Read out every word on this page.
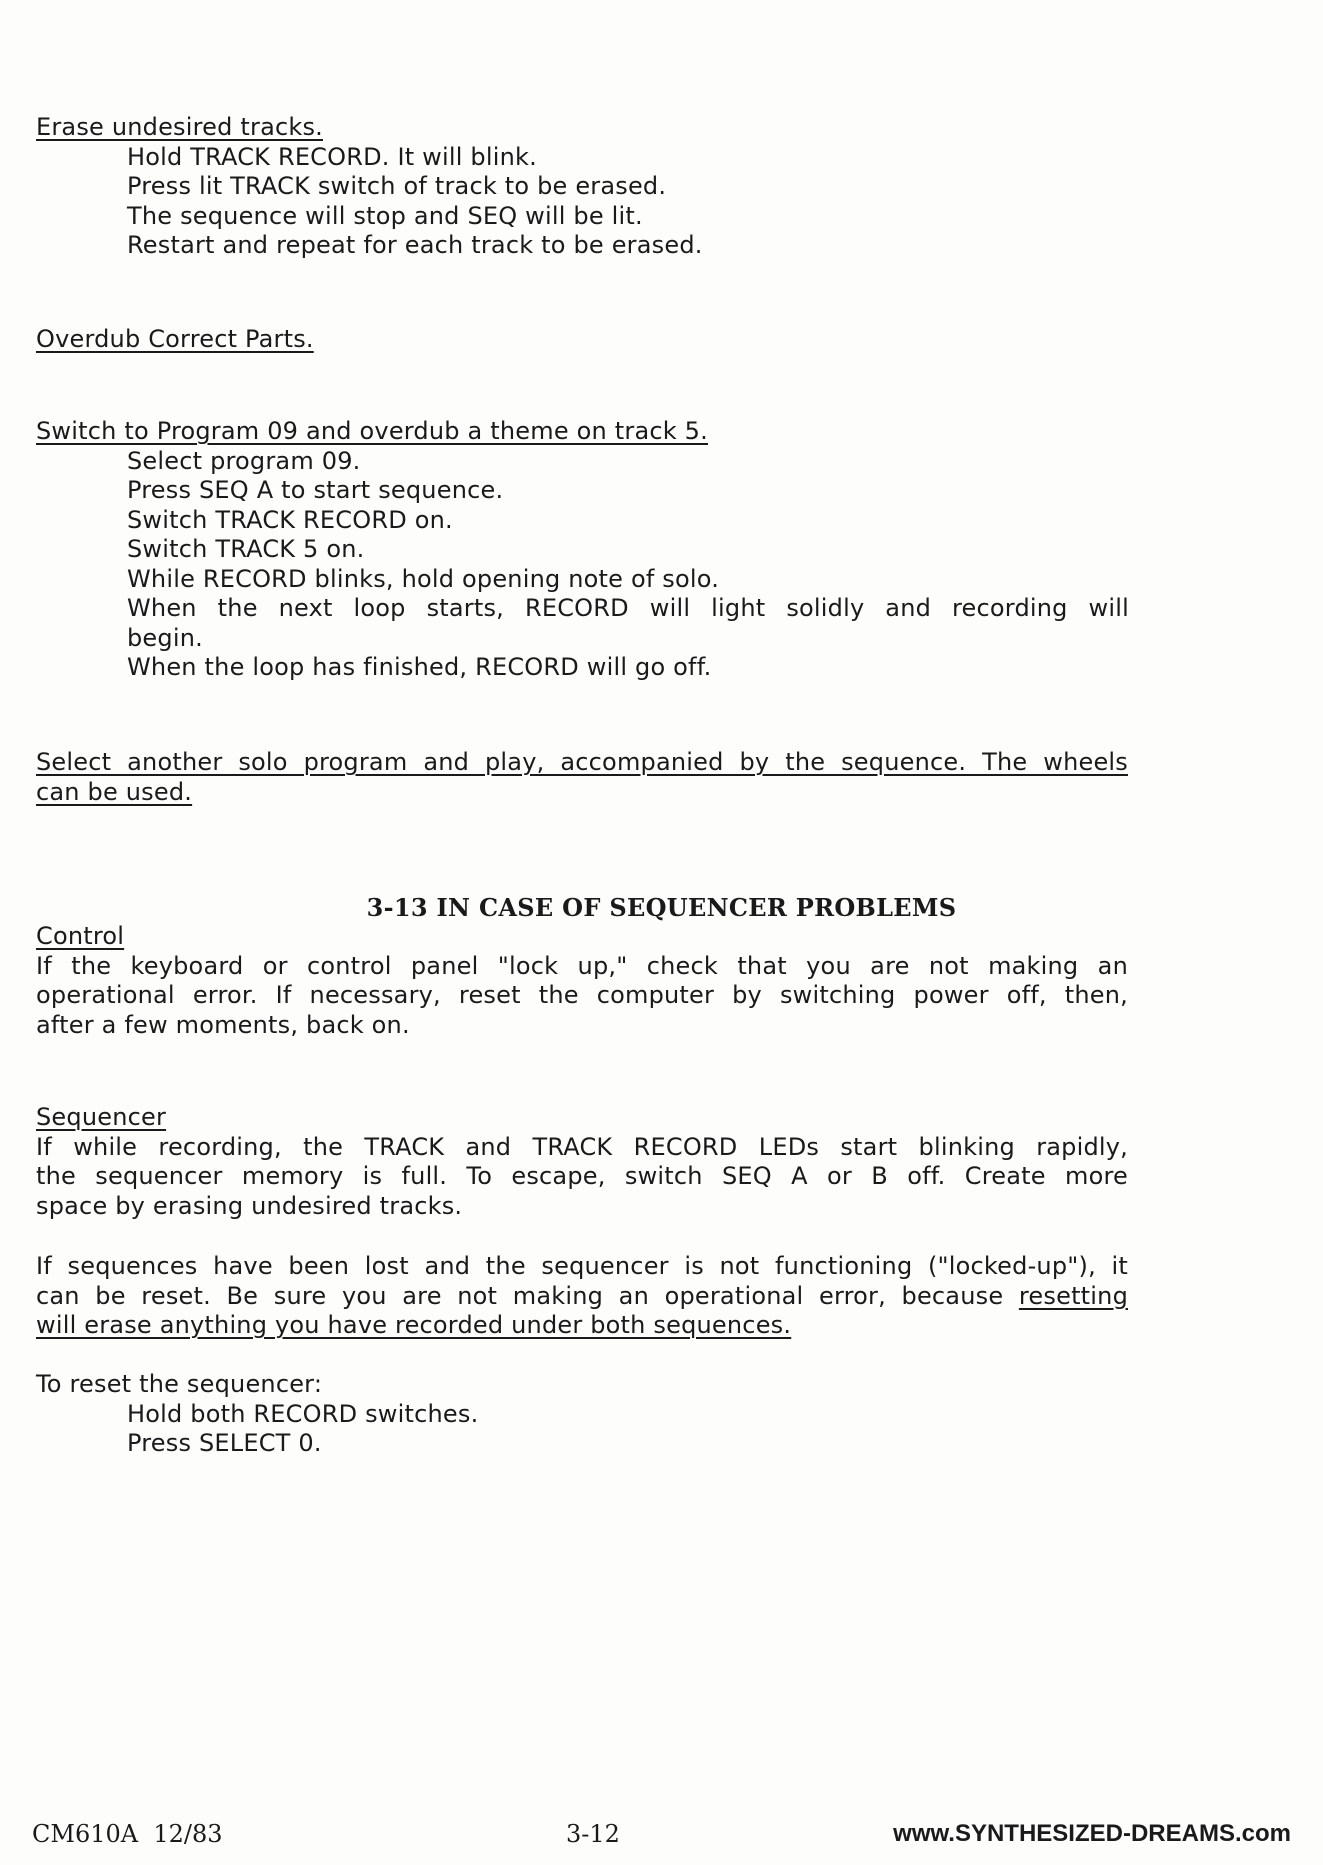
Erase undesired tracks.
Hold TRACK RECORD. It will blink.
Press lit TRACK switch of track to be erased.
The sequence will stop and SEQ will be lit.
Restart and repeat for each track to be erased.
Overdub Correct Parts.
Switch to Program 09 and overdub a theme on track 5.
Select program 09.
Press SEQ A to start sequence.
Switch TRACK RECORD on.
Switch TRACK 5 on.
While RECORD blinks, hold opening note of solo.
When the next loop starts, RECORD will light solidly and recording will
begin.
When the loop has finished, RECORD will go off.
Select another solo program and play, accompanied by the sequence. The wheels
can be used.
3-13 IN CASE OF SEQUENCER PROBLEMS
Control
If the keyboard or control panel "lock up," check that you are not making an
operational error. If necessary, reset the computer by switching power off, then,
after a few moments, back on.
Sequencer
If while recording, the TRACK and TRACK RECORD LEDs start blinking rapidly,
the sequencer memory is full. To escape, switch SEQ A or B off. Create more
space by erasing undesired tracks.
If sequences have been lost and the sequencer is not functioning ("locked-up"), it
can be reset. Be sure you are not making an operational error, because resetting
will erase anything you have recorded under both sequences.
To reset the sequencer:
Hold both RECORD switches.
Press SELECT 0.
CM610A  12/83	3-12	www.SYNTHESIZED-DREAMS.com
